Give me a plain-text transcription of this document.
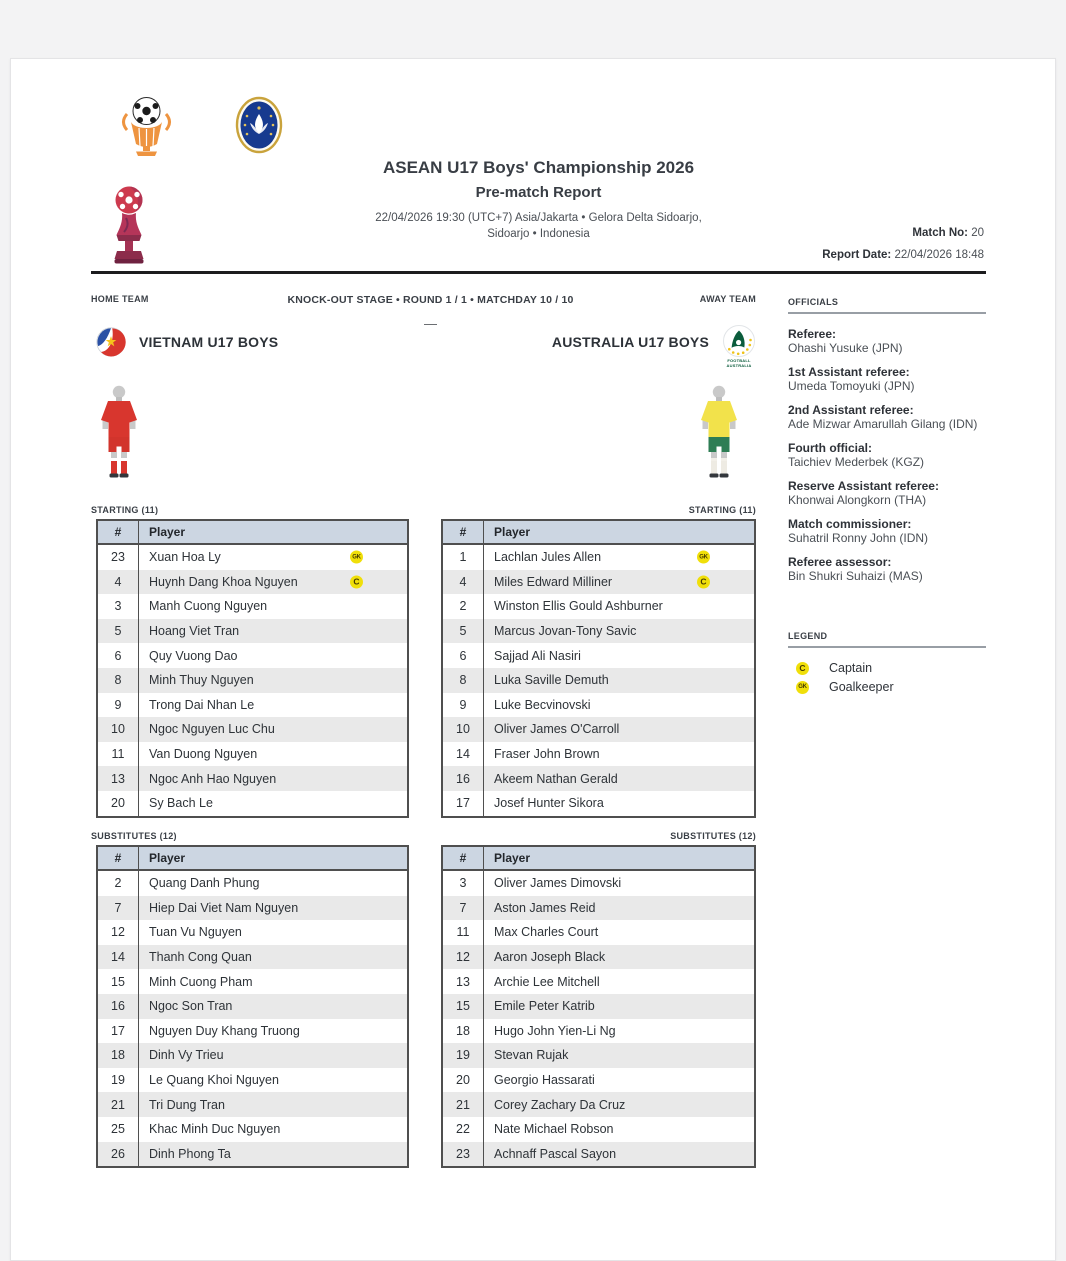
ASEAN U17 Boys' Championship 2026
Pre-match Report
22/04/2026 19:30 (UTC+7) Asia/Jakarta • Gelora Delta Sidoarjo,
Sidoarjo • Indonesia	Match No: 20
Report Date: 22/04/2026 18:48
HOME TEAM	KNOCK-OUT STAGE • ROUND 1 / 1 • MATCHDAY 10 / 10	AWAY TEAM
—
VIETNAM U17 BOYS	AUSTRALIA U17 BOYS
FOOTBALL
AUSTRALIA
OFFICIALS
Referee:
Ohashi Yusuke (JPN)
1st Assistant referee:
Umeda Tomoyuki (JPN)
2nd Assistant referee:
Ade Mizwar Amarullah Gilang (IDN)
Fourth official:
Taichiev Mederbek (KGZ)
Reserve Assistant referee:
Khonwai Alongkorn (THA)
Match commissioner:
Suhatril Ronny John (IDN)
Referee assessor:
Bin Shukri Suhaizi (MAS)
LEGEND
C Captain
GK Goalkeeper
STARTING (11)
#	Player
23	Xuan Hoa Ly	GK
4	Huynh Dang Khoa Nguyen	C
3	Manh Cuong Nguyen
5	Hoang Viet Tran
6	Quy Vuong Dao
8	Minh Thuy Nguyen
9	Trong Dai Nhan Le
10	Ngoc Nguyen Luc Chu
11	Van Duong Nguyen
13	Ngoc Anh Hao Nguyen
20	Sy Bach Le
STARTING (11)
#	Player
1	Lachlan Jules Allen	GK
4	Miles Edward Milliner	C
2	Winston Ellis Gould Ashburner
5	Marcus Jovan-Tony Savic
6	Sajjad Ali Nasiri
8	Luka Saville Demuth
9	Luke Becvinovski
10	Oliver James O'Carroll
14	Fraser John Brown
16	Akeem Nathan Gerald
17	Josef Hunter Sikora
SUBSTITUTES (12)
#	Player
2	Quang Danh Phung
7	Hiep Dai Viet Nam Nguyen
12	Tuan Vu Nguyen
14	Thanh Cong Quan
15	Minh Cuong Pham
16	Ngoc Son Tran
17	Nguyen Duy Khang Truong
18	Dinh Vy Trieu
19	Le Quang Khoi Nguyen
21	Tri Dung Tran
25	Khac Minh Duc Nguyen
26	Dinh Phong Ta
SUBSTITUTES (12)
#	Player
3	Oliver James Dimovski
7	Aston James Reid
11	Max Charles Court
12	Aaron Joseph Black
13	Archie Lee Mitchell
15	Emile Peter Katrib
18	Hugo John Yien-Li Ng
19	Stevan Rujak
20	Georgio Hassarati
21	Corey Zachary Da Cruz
22	Nate Michael Robson
23	Achnaff Pascal Sayon
